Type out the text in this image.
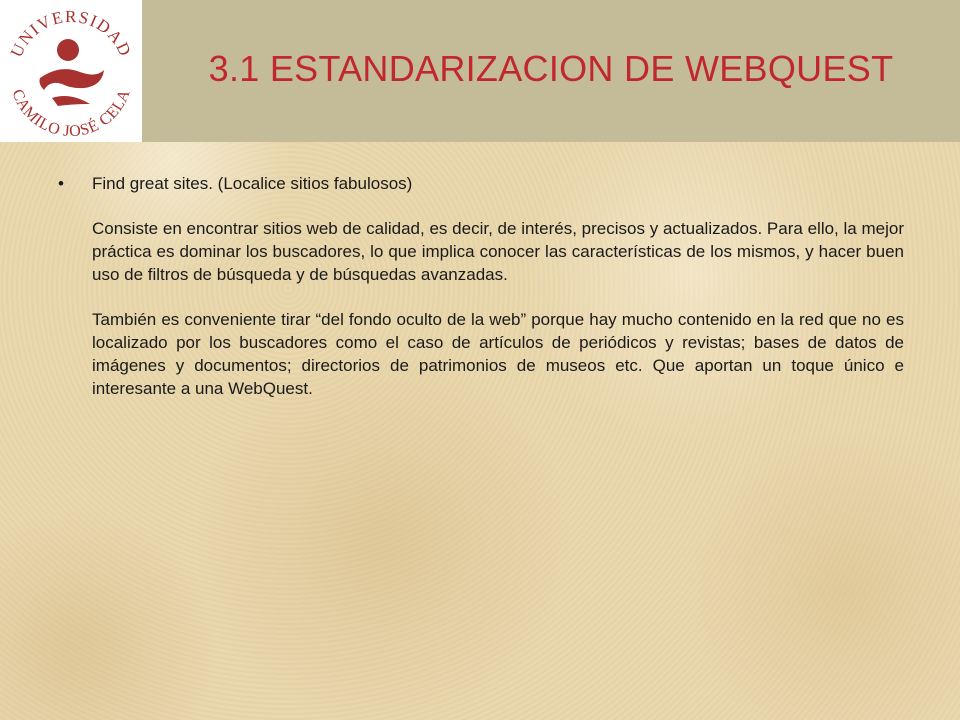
UNIVERSIDAD
CAMILO JOSÉ CELA
3.1 ESTANDARIZACION DE WEBQUEST
• Find great sites. (Localice sitios fabulosos)

Consiste en encontrar sitios web de calidad, es decir, de interés, precisos y actualizados. Para ello, la mejor práctica es dominar los buscadores, lo que implica conocer las características de los mismos, y hacer buen uso de filtros de búsqueda y de búsquedas avanzadas.

También es conveniente tirar “del fondo oculto de la web” porque hay mucho contenido en la red que no es localizado por los buscadores como el caso de artículos de periódicos y revistas; bases de datos de imágenes y documentos; directorios de patrimonios de museos etc. Que aportan un toque único e interesante a una WebQuest.
